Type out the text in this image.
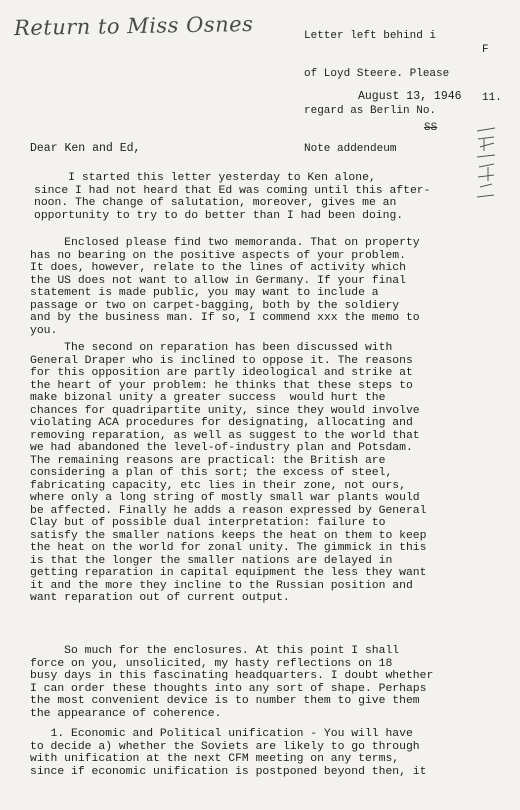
Return to Miss Osnes

	Letter left behind i

of Loyd Steere. Please

regard as Berlin No.

Note addendeum

F

11.

August 13, 1946
SS

Dear Ken and Ed,
I started this letter yesterday to Ken alone,
since I had not heard that Ed was coming until this after-
noon. The change of salutation, moreover, gives me an
opportunity to try to do better than I had been doing.
Enclosed please find two memoranda. That on property
has no bearing on the positive aspects of your problem.
It does, however, relate to the lines of activity which
the US does not want to allow in Germany. If your final
statement is made public, you may want to include a
passage or two on carpet-bagging, both by the soldiery
and by the business man. If so, I commend xxx the memo to
you.
The second on reparation has been discussed with
General Draper who is inclined to oppose it. The reasons
for this opposition are partly ideological and strike at
the heart of your problem: he thinks that these steps to
make bizonal unity a greater success  would hurt the
chances for quadripartite unity, since they would involve
violating ACA procedures for designating, allocating and
removing reparation, as well as suggest to the world that
we had abandoned the level-of-industry plan and Potsdam.
The remaining reasons are practical: the British are
considering a plan of this sort; the excess of steel,
fabricating capacity, etc lies in their zone, not ours,
where only a long string of mostly small war plants would
be affected. Finally he adds a reason expressed by General
Clay but of possible dual interpretation: failure to
satisfy the smaller nations keeps the heat on them to keep
the heat on the world for zonal unity. The gimmick in this
is that the longer the smaller nations are delayed in
getting reparation in capital equipment the less they want
it and the more they incline to the Russian position and
want reparation out of current output.
So much for the enclosures. At this point I shall
force on you, unsolicited, my hasty reflections on 18
busy days in this fascinating headquarters. I doubt whether
I can order these thoughts into any sort of shape. Perhaps
the most convenient device is to number them to give them
the appearance of coherence.
1. Economic and Political unification - You will have
to decide a) whether the Soviets are likely to go through
with unification at the next CFM meeting on any terms,
since if economic unification is postponed beyond then, it
